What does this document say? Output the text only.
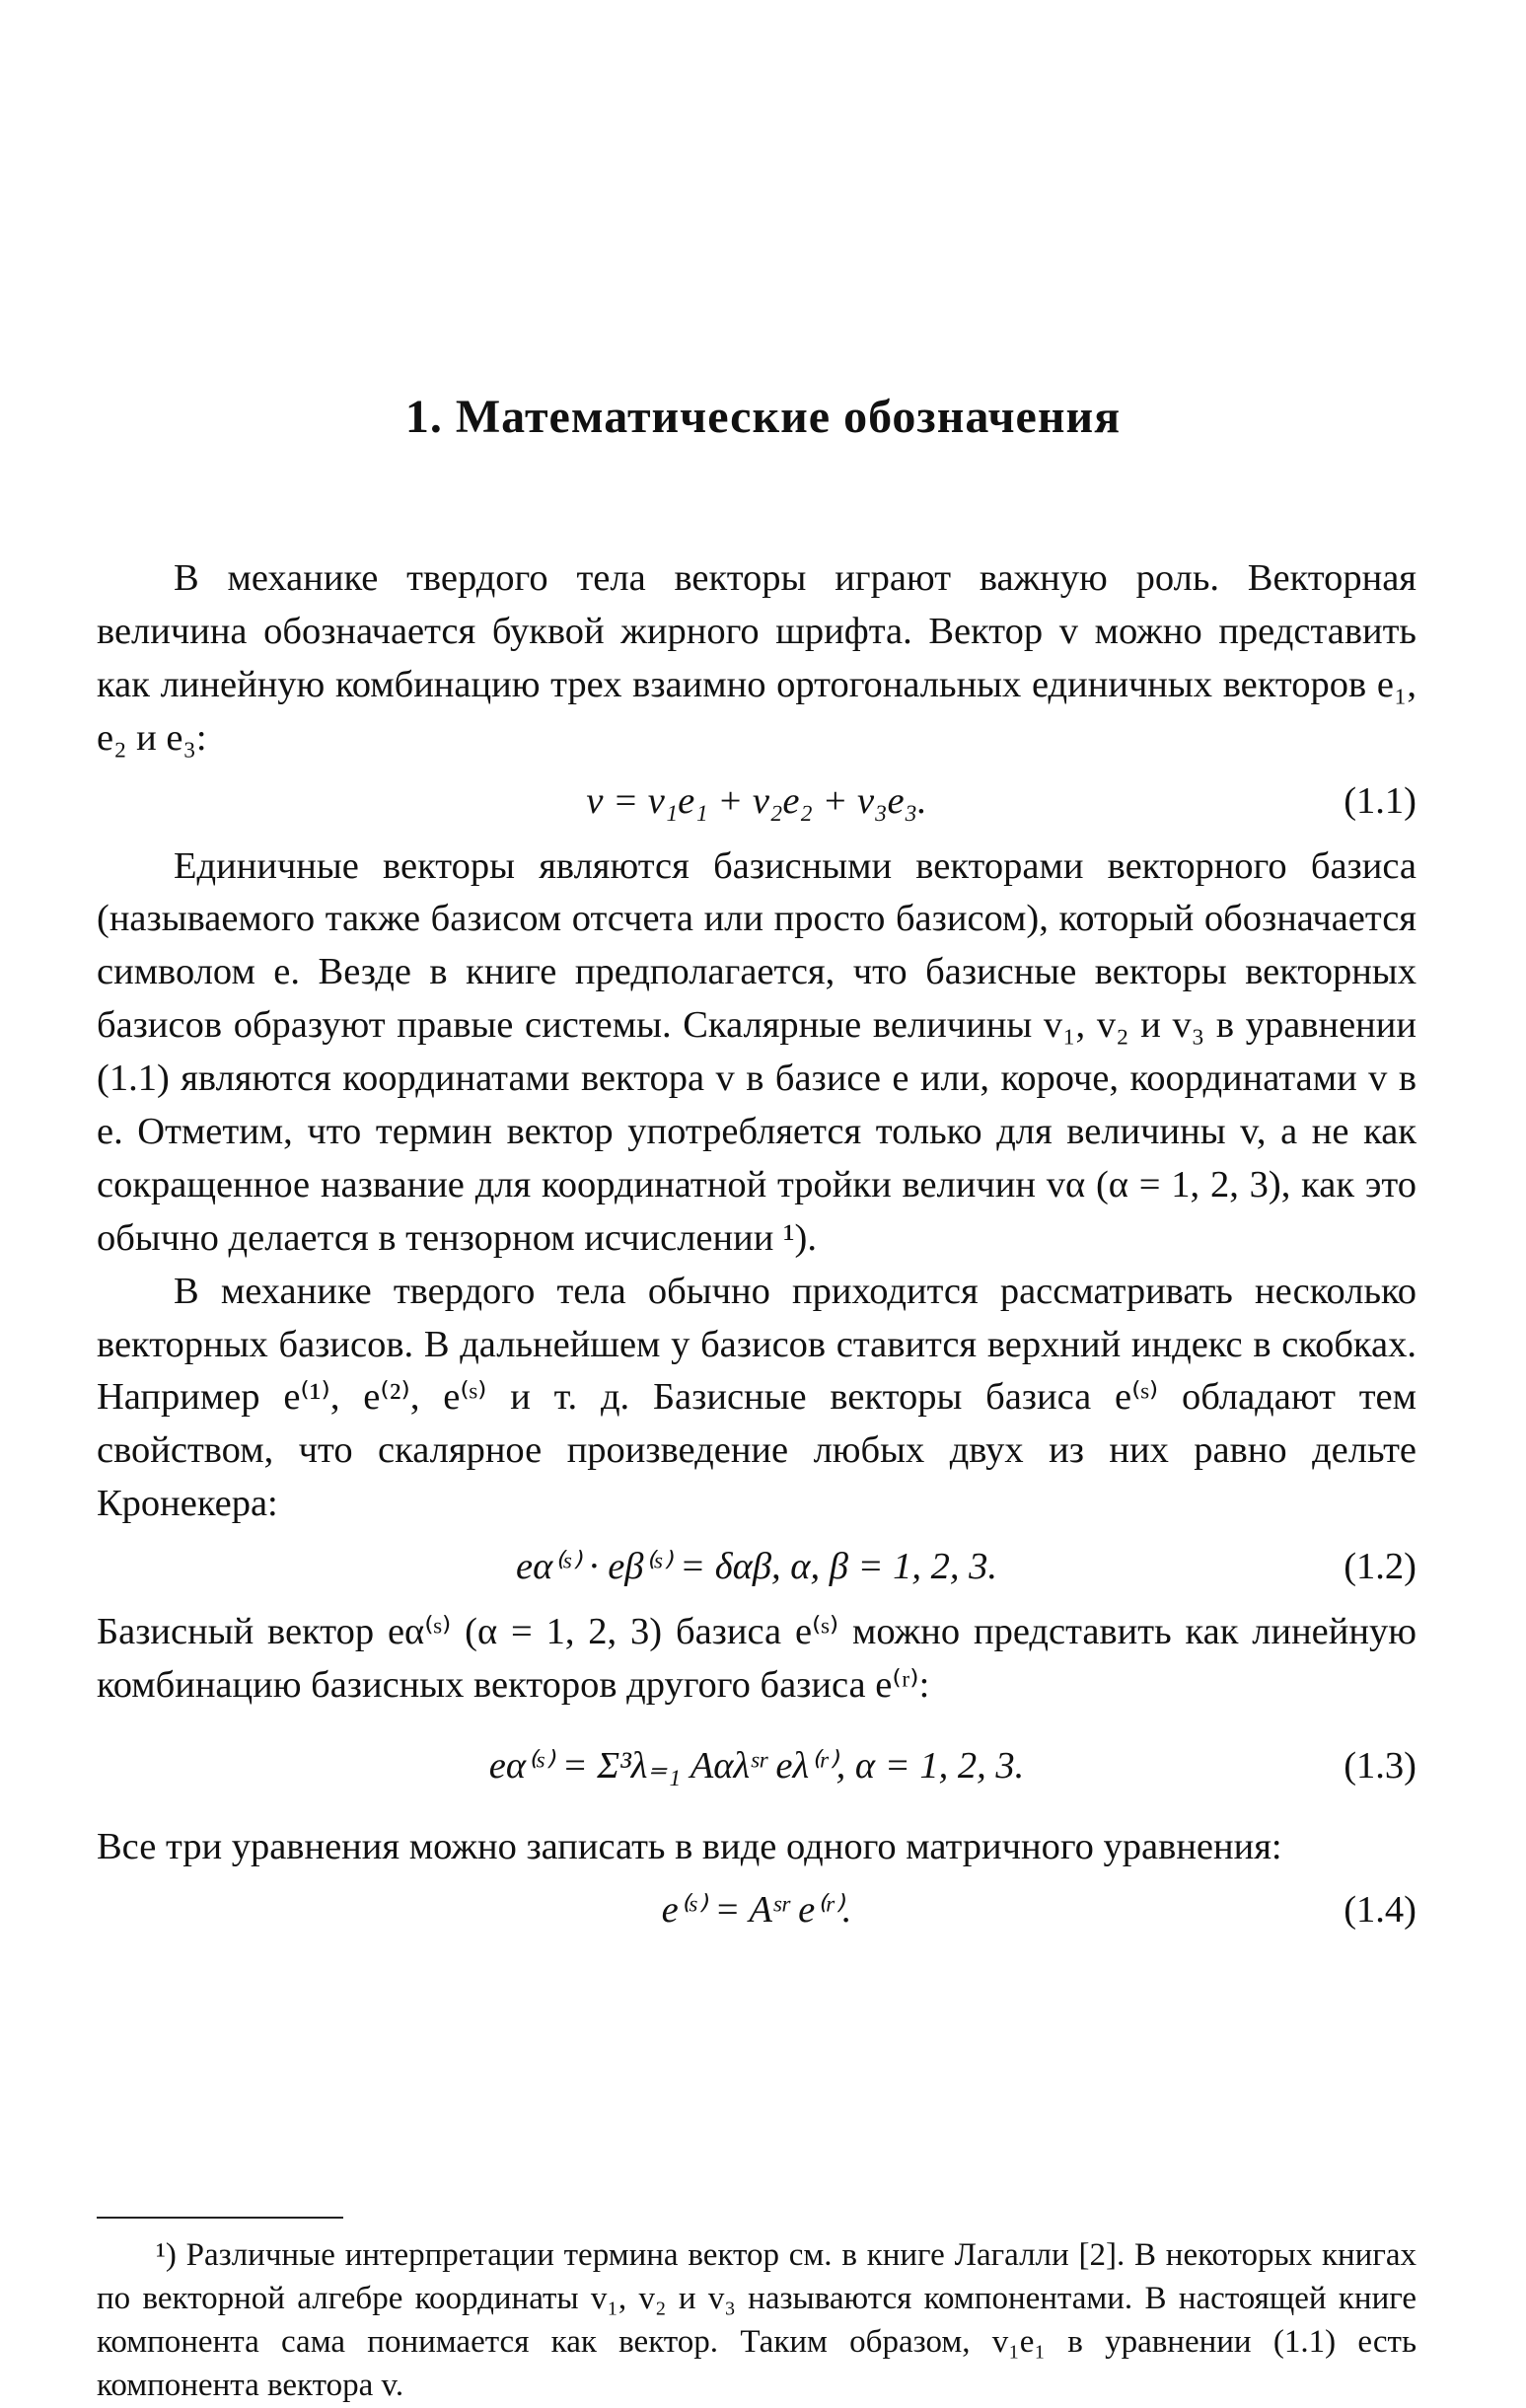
1. Математические обозначения

В механике твердого тела векторы играют важную роль. Векторная величина обозначается буквой жирного шрифта. Вектор v можно представить как линейную комбинацию трех взаимно ортогональных единичных векторов e₁, e₂ и e₃:

v = v₁e₁ + v₂e₂ + v₃e₃.	(1.1)

Единичные векторы являются базисными векторами векторного базиса (называемого также базисом отсчета или просто базисом), который обозначается символом e. Везде в книге предполагается, что базисные векторы векторных базисов образуют правые системы. Скалярные величины v₁, v₂ и v₃ в уравнении (1.1) являются координатами вектора v в базисе e или, короче, координатами v в e. Отметим, что термин вектор употребляется только для величины v, а не как сокращенное название для координатной тройки величин vα (α = 1, 2, 3), как это обычно делается в тензорном исчислении ¹).

В механике твердого тела обычно приходится рассматривать несколько векторных базисов. В дальнейшем у базисов ставится верхний индекс в скобках. Например e⁽¹⁾, e⁽²⁾, e⁽ˢ⁾ и т. д. Базисные векторы базиса e⁽ˢ⁾ обладают тем свойством, что скалярное произведение любых двух из них равно дельте Кронекера:

eα⁽ˢ⁾ · eβ⁽ˢ⁾ = δαβ, α, β = 1, 2, 3.	(1.2)

Базисный вектор eα⁽ˢ⁾ (α = 1, 2, 3) базиса e⁽ˢ⁾ можно представить как линейную комбинацию базисных векторов другого базиса e⁽ʳ⁾:

eα⁽ˢ⁾ = Σ³λ₌₁ Aαλˢʳ eλ⁽ʳ⁾, α = 1, 2, 3.	(1.3)

Все три уравнения можно записать в виде одного матричного уравнения:

e⁽ˢ⁾ = Aˢʳ e⁽ʳ⁾.	(1.4)

¹) Различные интерпретации термина вектор см. в книге Лагалли [2]. В некоторых книгах по векторной алгебре координаты v₁, v₂ и v₃ называются компонентами. В настоящей книге компонента сама понимается как вектор. Таким образом, v₁e₁ в уравнении (1.1) есть компонента вектора v.
